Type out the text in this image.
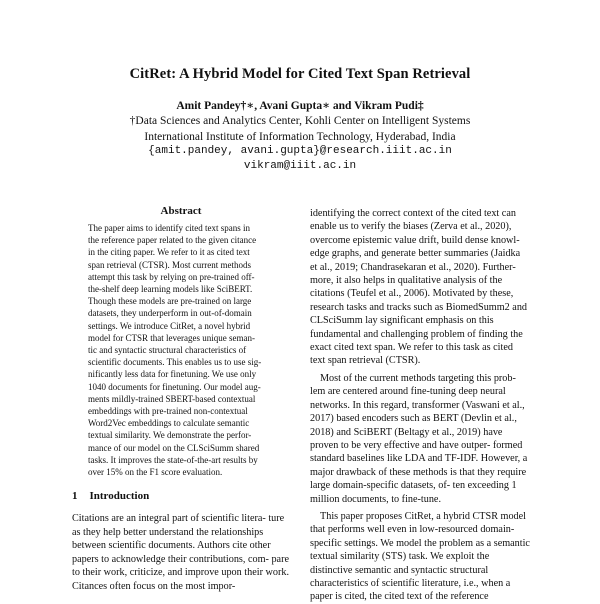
CitRet: A Hybrid Model for Cited Text Span Retrieval
Amit Pandey†∗, Avani Gupta∗ and Vikram Pudi‡
†Data Sciences and Analytics Center, Kohli Center on Intelligent Systems
International Institute of Information Technology, Hyderabad, India
{amit.pandey, avani.gupta}@research.iiit.ac.in
vikram@iiit.ac.in
Abstract
The paper aims to identify cited text spans in
the reference paper related to the given citance
in the citing paper. We refer to it as cited text
span retrieval (CTSR). Most current methods
attempt this task by relying on pre-trained off-
the-shelf deep learning models like SciBERT.
Though these models are pre-trained on large
datasets, they underperform in out-of-domain
settings. We introduce CitRet, a novel hybrid
model for CTSR that leverages unique seman-
tic and syntactic structural characteristics of
scientific documents. This enables us to use sig-
nificantly less data for finetuning. We use only
1040 documents for finetuning. Our model aug-
ments mildly-trained SBERT-based contextual
embeddings with pre-trained non-contextual
Word2Vec embeddings to calculate semantic
textual similarity. We demonstrate the perfor-
mance of our model on the CLSciSumm shared
tasks. It improves the state-of-the-art results by
over 15% on the F1 score evaluation.
1 Introduction
Citations are an integral part of scientific litera- ture as they help better understand the relationships between scientific documents. Authors cite other papers to acknowledge their contributions, com- pare to their work, criticize, and improve upon their work. Citances often focus on the most impor-
identifying the correct context of the cited text can enable us to verify the biases (Zerva et al., 2020), overcome epistemic value drift, build dense knowl- edge graphs, and generate better summaries (Jaidka et al., 2019; Chandrasekaran et al., 2020). Further- more, it also helps in qualitative analysis of the citations (Teufel et al., 2006). Motivated by these, research tasks and tracks such as BiomedSumm2 and CLSciSumm lay significant emphasis on this fundamental and challenging problem of finding the exact cited text span. We refer to this task as cited text span retrieval (CTSR).
Most of the current methods targeting this prob- lem are centered around fine-tuning deep neural networks. In this regard, transformer (Vaswani et al., 2017) based encoders such as BERT (Devlin et al., 2018) and SciBERT (Beltagy et al., 2019) have proven to be very effective and have outper- formed standard baselines like LDA and TF-IDF. However, a major drawback of these methods is that they require large domain-specific datasets, of- ten exceeding 1 million documents, to fine-tune.
This paper proposes CitRet, a hybrid CTSR model that performs well even in low-resourced domain-specific settings. We model the problem as a semantic textual similarity (STS) task. We exploit the distinctive semantic and syntactic structural characteristics of scientific literature, i.e., when a paper is cited, the cited text of the reference
